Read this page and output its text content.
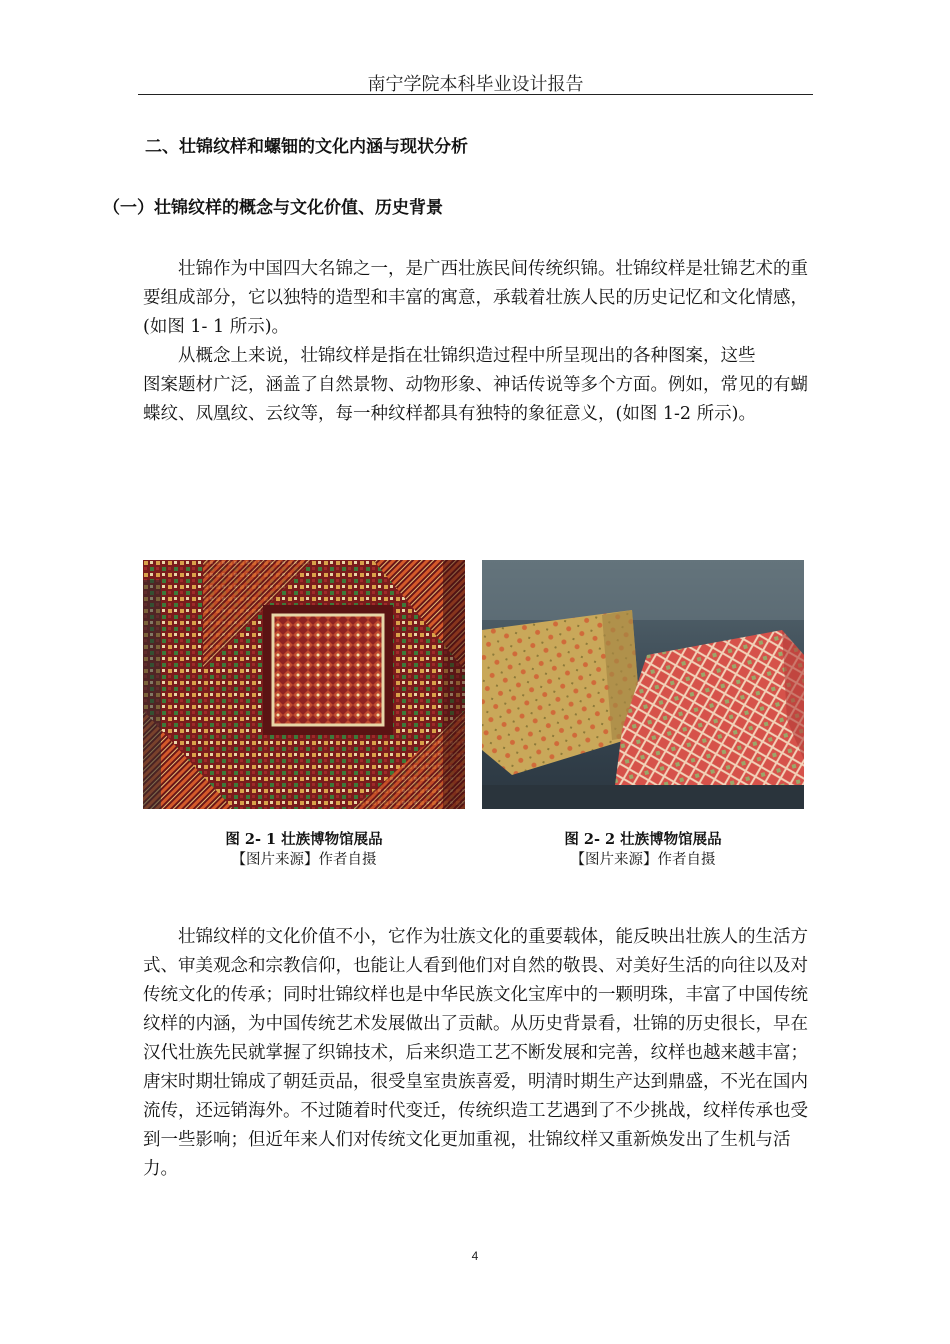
南宁学院本科毕业设计报告
二、壮锦纹样和螺钿的文化内涵与现状分析
（一）壮锦纹样的概念与文化价值、历史背景

壮锦作为中国四大名锦之一，是广西壮族民间传统织锦。壮锦纹样是壮锦艺术的重要组成部分，它以独特的造型和丰富的寓意，承载着壮族人民的历史记忆和文化情感，(如图 1- 1 所示)。

从概念上来说，壮锦纹样是指在壮锦织造过程中所呈现出的各种图案，这些

图案题材广泛，涵盖了自然景物、动物形象、神话传说等多个方面。例如，常见的有蝴蝶纹、凤凰纹、云纹等，每一种纹样都具有独特的象征意义，(如图 1-2 所示)。

图 2- 1 壮族博物馆展品
【图片来源】作者自摄
图 2- 2 壮族博物馆展品
【图片来源】作者自摄

壮锦纹样的文化价值不小，它作为壮族文化的重要载体，能反映出壮族人的生活方式、审美观念和宗教信仰，也能让人看到他们对自然的敬畏、对美好生活的向往以及对传统文化的传承；同时壮锦纹样也是中华民族文化宝库中的一颗明珠，丰富了中国传统纹样的内涵，为中国传统艺术发展做出了贡献。从历史背景看，壮锦的历史很长，早在汉代壮族先民就掌握了织锦技术，后来织造工艺不断发展和完善，纹样也越来越丰富；唐宋时期壮锦成了朝廷贡品，很受皇室贵族喜爱，明清时期生产达到鼎盛，不光在国内流传，还远销海外。不过随着时代变迁，传统织造工艺遇到了不少挑战，纹样传承也受到一些影响；但近年来人们对传统文化更加重视，壮锦纹样又重新焕发出了生机与活力。

4
